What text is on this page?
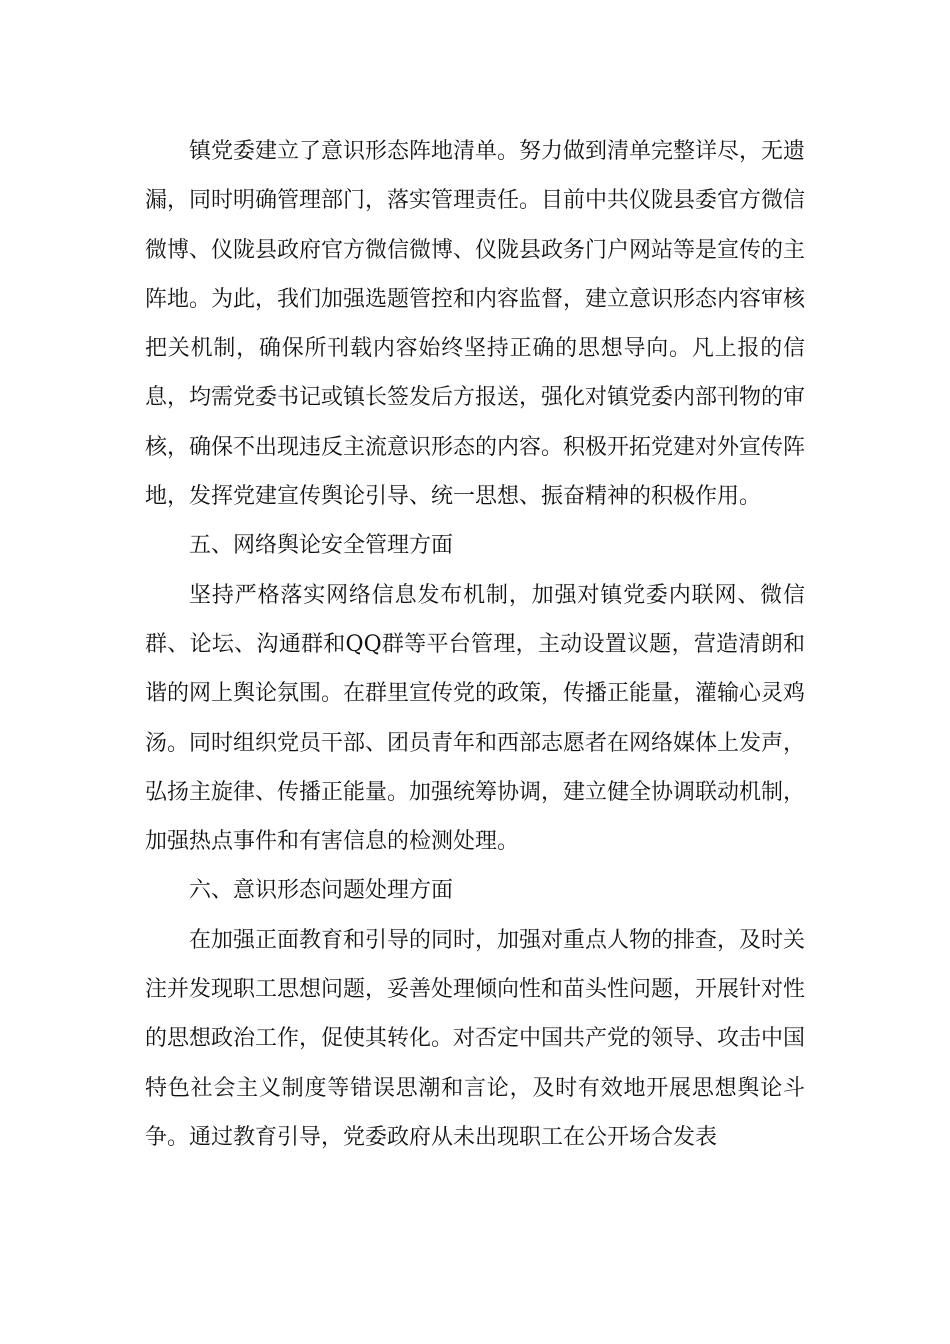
镇党委建立了意识形态阵地清单。努力做到清单完整详尽，无遗漏，同时明确管理部门，落实管理责任。目前中共仪陇县委官方微信微博、仪陇县政府官方微信微博、仪陇县政务门户网站等是宣传的主阵地。为此，我们加强选题管控和内容监督，建立意识形态内容审核把关机制，确保所刊载内容始终坚持正确的思想导向。凡上报的信息，均需党委书记或镇长签发后方报送，强化对镇党委内部刊物的审核，确保不出现违反主流意识形态的内容。积极开拓党建对外宣传阵地，发挥党建宣传舆论引导、统一思想、振奋精神的积极作用。

五、网络舆论安全管理方面

坚持严格落实网络信息发布机制，加强对镇党委内联网、微信群、论坛、沟通群和QQ群等平台管理，主动设置议题，营造清朗和谐的网上舆论氛围。在群里宣传党的政策，传播正能量，灌输心灵鸡汤。同时组织党员干部、团员青年和西部志愿者在网络媒体上发声，弘扬主旋律、传播正能量。加强统筹协调，建立健全协调联动机制，加强热点事件和有害信息的检测处理。

六、意识形态问题处理方面

在加强正面教育和引导的同时，加强对重点人物的排查，及时关注并发现职工思想问题，妥善处理倾向性和苗头性问题，开展针对性的思想政治工作，促使其转化。对否定中国共产党的领导、攻击中国特色社会主义制度等错误思潮和言论，及时有效地开展思想舆论斗争。通过教育引导，党委政府从未出现职工在公开场合发表
